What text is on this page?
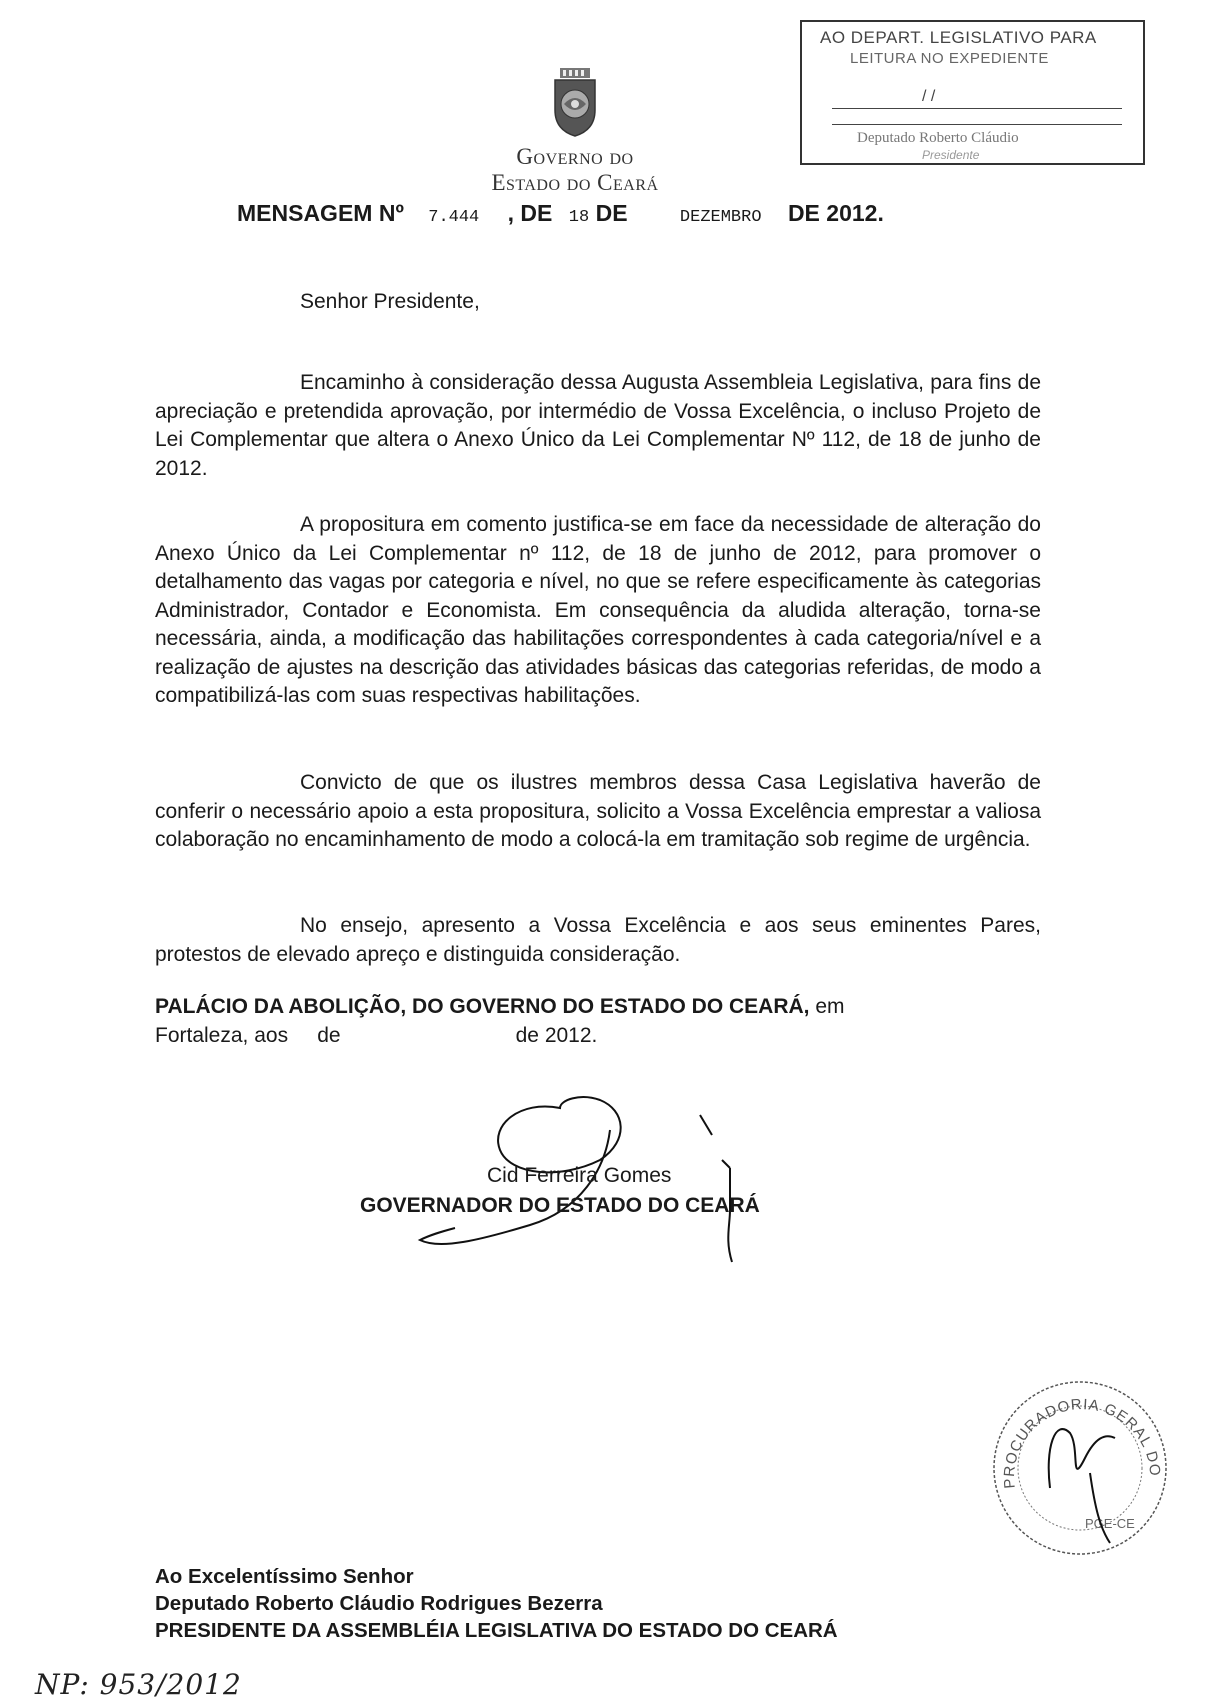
AO DEPART. LEGISLATIVO PARA
LEITURA NO EXPEDIENTE
/ /
Deputado Roberto Cláudio
Presidente
Governo do
Estado do Ceará
MENSAGEM Nº 7.444 , DE 18 DE	DEZEMBRO DE 2012.
Senhor Presidente,
Encaminho à consideração dessa Augusta Assembleia Legislativa, para fins de apreciação e pretendida aprovação, por intermédio de Vossa Excelência, o incluso Projeto de Lei Complementar que altera o Anexo Único da Lei Complementar Nº 112, de 18 de junho de 2012.
A propositura em comento justifica-se em face da necessidade de alteração do Anexo Único da Lei Complementar nº 112, de 18 de junho de 2012, para promover o detalhamento das vagas por categoria e nível, no que se refere especificamente às categorias Administrador, Contador e Economista. Em consequência da aludida alteração, torna-se necessária, ainda, a modificação das habilitações correspondentes à cada categoria/nível e a realização de ajustes na descrição das atividades básicas das categorias referidas, de modo a compatibilizá-las com suas respectivas habilitações.
Convicto de que os ilustres membros dessa Casa Legislativa haverão de conferir o necessário apoio a esta propositura, solicito a Vossa Excelência emprestar a valiosa colaboração no encaminhamento de modo a colocá-la em tramitação sob regime de urgência.
No ensejo, apresento a Vossa Excelência e aos seus eminentes Pares, protestos de elevado apreço e distinguida consideração.
PALÁCIO DA ABOLIÇÃO, DO GOVERNO DO ESTADO DO CEARÁ, em
Fortaleza, aos     de                              de 2012.
Cid Ferreira Gomes
GOVERNADOR DO ESTADO DO CEARÁ
PROCURADORIA GERAL DO
PGE-CE
Ao Excelentíssimo Senhor
Deputado Roberto Cláudio Rodrigues Bezerra
PRESIDENTE DA ASSEMBLÉIA LEGISLATIVA DO ESTADO DO CEARÁ
NP: 953/2012
